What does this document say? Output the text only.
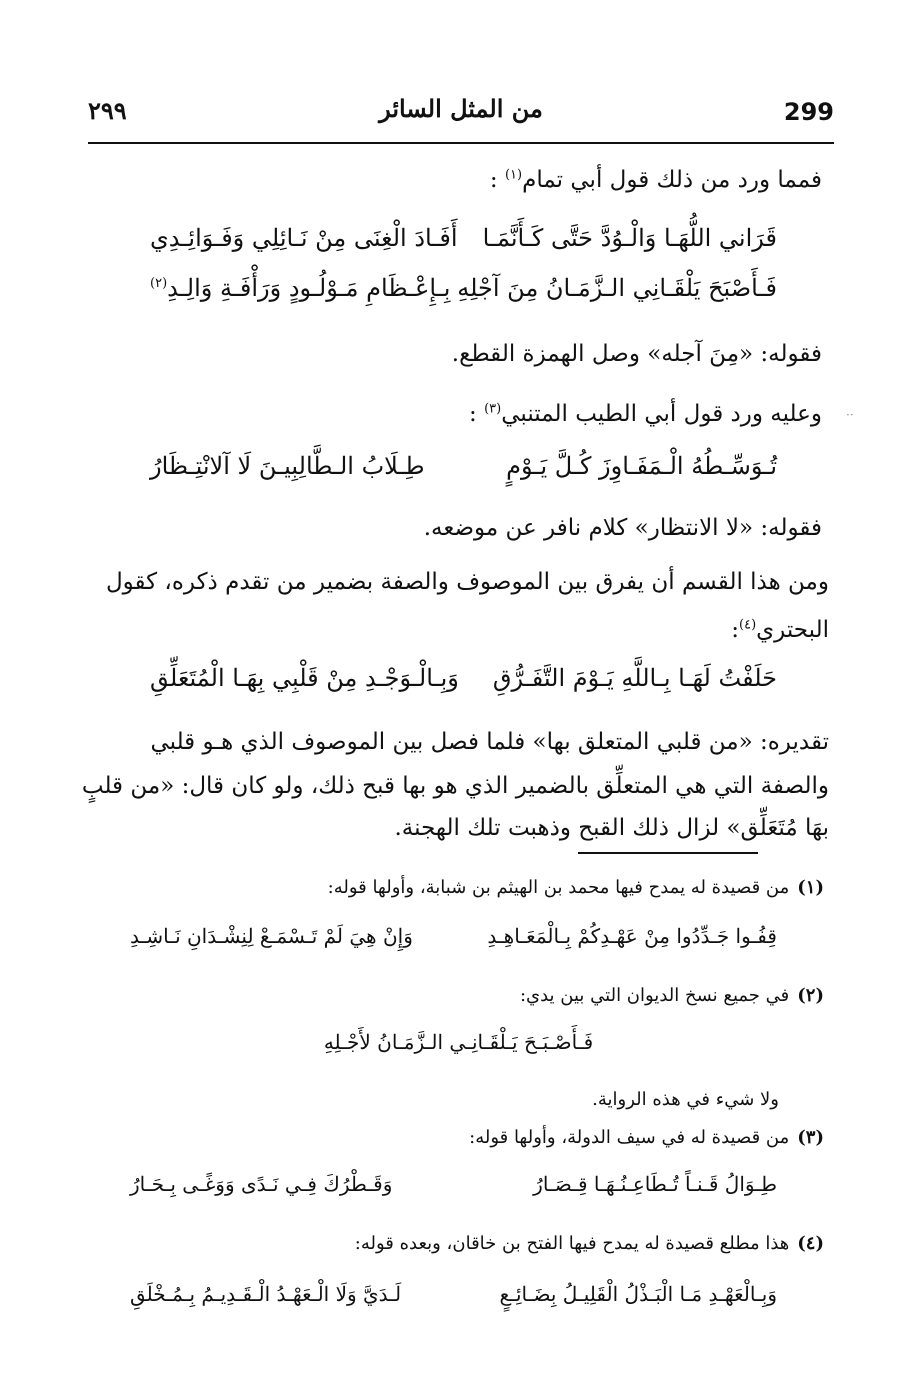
299
من المثل السائر
٢٩٩
فمما ورد من ذلك قول أبي تمام$^{(١)}$ :
قَرَاني اللُّهَـا وَالْـوُدَّ حَتَّى كَـأَنَّمَـا
أَفَـادَ الْغِنَى مِنْ نَـائِلِي وَفَـوَائِـدِي
فَـأَصْبَحَ يَلْقَـانِي الـزَّمَـانُ مِنَ آجْلِهِ
بِـإِعْـظَامِ مَـوْلُـودٍ وَرَأْفَـةِ وَالِـدِ$^{(٢)}$
فقوله: «مِنَ آجله» وصل الهمزة القطع.
وعليه ورد قول أبي الطيب المتنبي$^{(٣)}$ :	··
تُـوَسِّـطُهُ الْـمَفَـاوِزَ كُـلَّ يَـوْمٍ
طِـلَابُ الـطَّالِبِيـنَ لَا آلانْتِـظَارُ
فقوله: «لا الانتظار» كلام نافر عن موضعه.
ومن هذا القسم أن يفرق بين الموصوف والصفة بضمير من تقدم ذكره، كقول
البحتري$^{(٤)}$:
حَلَفْتُ لَهَـا بِـاللَّهِ يَـوْمَ التَّفَـرُّقِ
وَبِـالْـوَجْـدِ مِنْ قَلْبِي بِهَـا الْمُتَعَلِّقِ
تقديره: «من قلبي المتعلق بها» فلما فصل بين الموصوف الذي هـو قلبي
والصفة التي هي المتعلِّق بالضمير الذي هو بها قبح ذلك، ولو كان قال: «من قلبٍ
بهَا مُتَعَلِّق» لزال ذلك القبح وذهبت تلك الهجنة.
(١)من قصيدة له يمدح فيها محمد بن الهيثم بن شبابة، وأولها قوله:
قِفُـوا جَـدِّدُوا مِنْ عَهْـدِكُمْ بِـالْمَعَـاهِـدِ
وَإِنْ هِيَ لَمْ تَـسْمَـعْ لِنِشْـدَانِ نَـاشِـدِ
(٢)في جميع نسخ الديوان التي بين يدي:
فَـأَصْـبَـحَ يَـلْقَـانِـي الـزَّمَـانُ لأَجْـلِهِ
ولا شيء في هذه الرواية.
(٣)من قصيدة له في سيف الدولة، وأولها قوله:
طِـوَالُ قَـنـاً تُـطَاعِـنُـهَـا قِـصَـارُ
وَقَـطْرُكَ فِـي نَـدًى وَوَغًـى بِـحَـارُ
(٤)هذا مطلع قصيدة له يمدح فيها الفتح بن خاقان، وبعده قوله:
وَبِـالْعَهْـدِ مَـا الْبَـذْلُ الْقَلِيـلُ بِضَـائِـعٍ
لَـدَيَّ وَلَا الْـعَهْـدُ الْـقَـدِيـمُ بِـمُـخْلَقِ
